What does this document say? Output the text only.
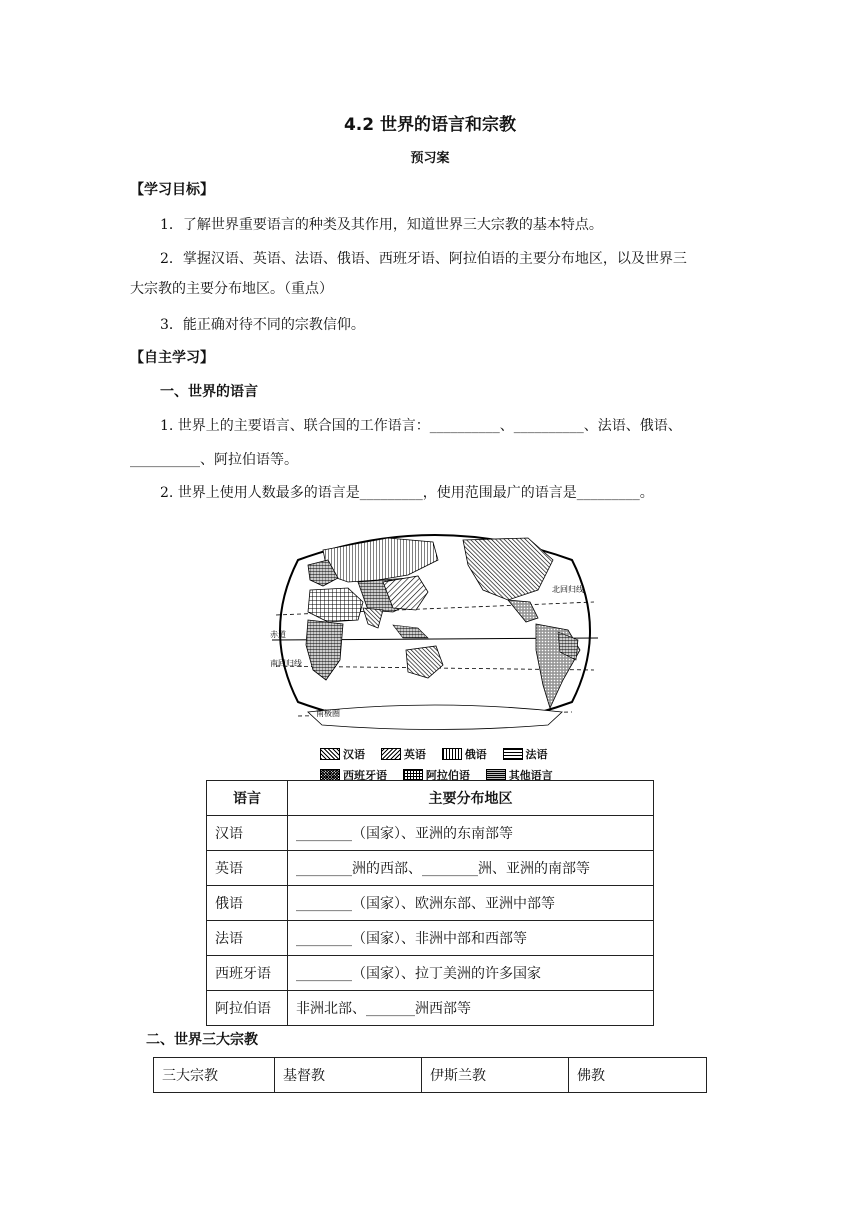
4.2 世界的语言和宗教
预习案
【学习目标】
1．了解世界重要语言的种类及其作用，知道世界三大宗教的基本特点。
2．掌握汉语、英语、法语、俄语、西班牙语、阿拉伯语的主要分布地区，以及世界三
大宗教的主要分布地区。（重点）
3．能正确对待不同的宗教信仰。
【自主学习】
一、世界的语言
1. 世界上的主要语言、联合国的工作语言：__________、__________、法语、俄语、
__________、阿拉伯语等。
2. 世界上使用人数最多的语言是_________，使用范围最广的语言是_________。
北回归线
赤道
南回归线
南极圈
汉语
	英语
	俄语
	法语
西班牙语
	阿拉伯语
	其他语言
语言	主要分布地区
汉语	________（国家）、亚洲的东南部等
英语	________洲的西部、________洲、亚洲的南部等
俄语	________（国家）、欧洲东部、亚洲中部等
法语	________（国家）、非洲中部和西部等
西班牙语	________（国家）、拉丁美洲的许多国家
阿拉伯语	非洲北部、_______洲西部等
二、世界三大宗教
三大宗教	基督教	伊斯兰教	佛教
